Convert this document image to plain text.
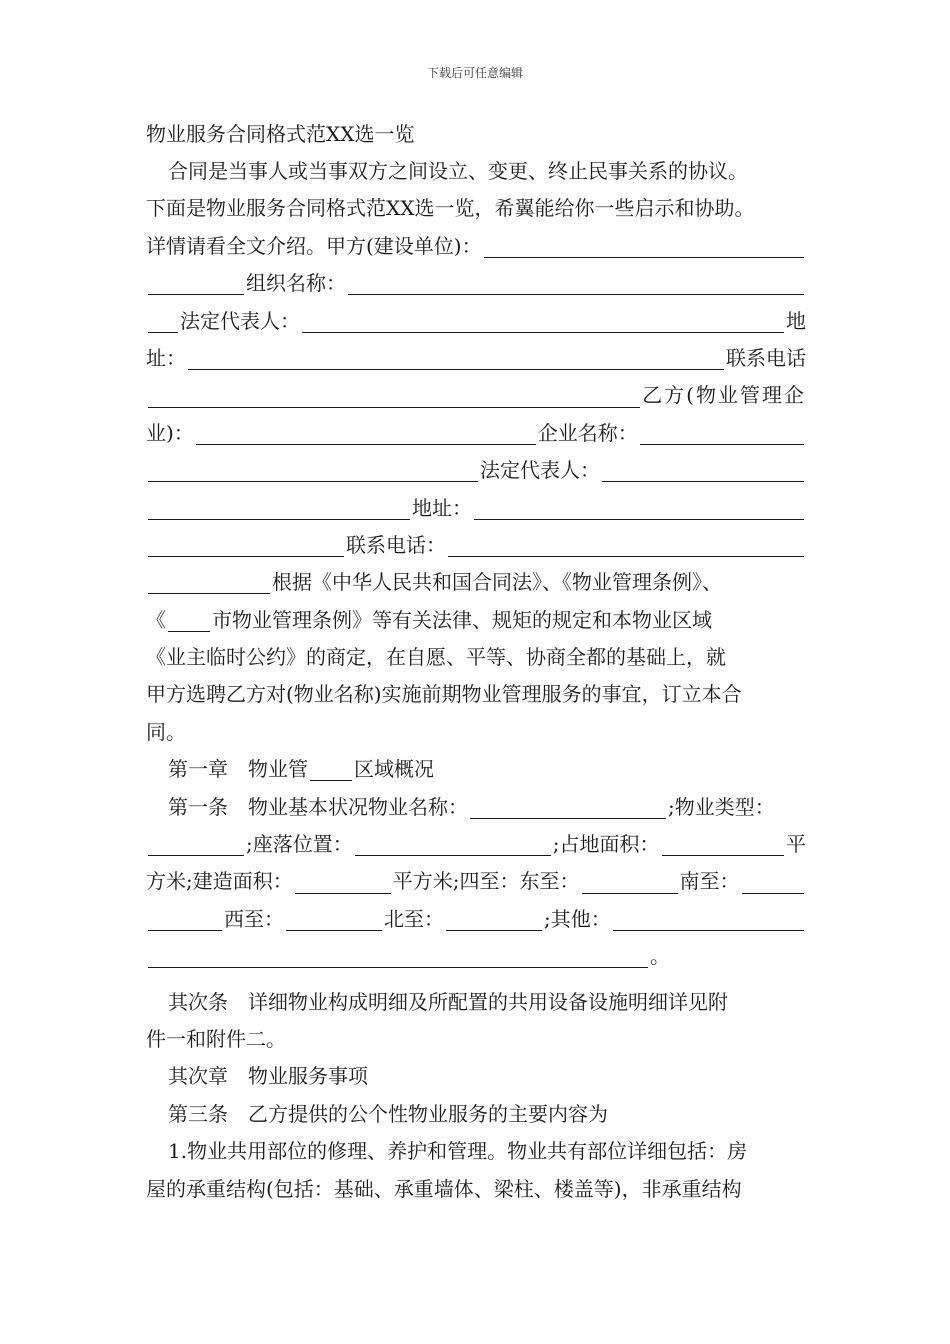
下载后可任意编辑
物业服务合同格式范XX选一览
合同是当事人或当事双方之间设立、变更、终止民事关系的协议。
下面是物业服务合同格式范XX选一览，希翼能给你一些启示和协助。
详情请看全文介绍。甲方(建设单位)：
组织名称：
法定代表人：	地
址：	联系电话
乙方(物业管理企
业)：	企业名称：
法定代表人：
地址：
联系电话：
根据《中华人民共和国合同法》、《物业管理条例》、
《 市物业管理条例》等有关法律、规矩的规定和本物业区域
《业主临时公约》的商定，在自愿、平等、协商全都的基础上，就
甲方选聘乙方对(物业名称)实施前期物业管理服务的事宜，订立本合
同。
第一章　物业管 区域概况
第一条　物业基本状况物业名称：	;物业类型：
;座落位置：	;占地面积：	平
方米;建造面积：	平方米;四至：东至：	南至：
西至：	北至：	;其他：
。
其次条　详细物业构成明细及所配置的共用设备设施明细详见附
件一和附件二。
其次章　物业服务事项
第三条　乙方提供的公个性物业服务的主要内容为
1.物业共用部位的修理、养护和管理。物业共有部位详细包括：房
屋的承重结构(包括：基础、承重墙体、梁柱、楼盖等)，非承重结构
